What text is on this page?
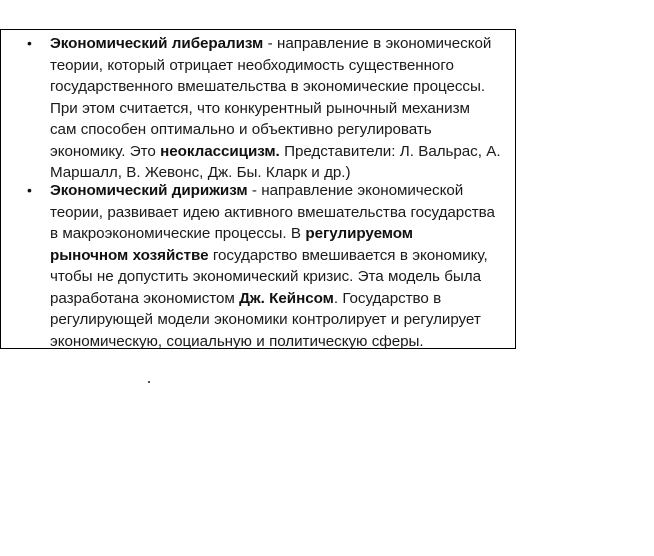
•	Экономический либерализм - направление в экономической
теории, который отрицает необходимость существенного
государственного вмешательства в экономические процессы.
При этом считается, что конкурентный рыночный механизм
сам способен оптимально и объективно регулировать
экономику. Это неоклассицизм. Представители: Л. Вальрас, А.
Маршалл, В. Жевонс, Дж. Бы. Кларк и др.)
•	Экономический дирижизм - направление экономической
теории, развивает идею активного вмешательства государства
в макроэкономические процессы. В регулируемом
рыночном хозяйстве государство вмешивается в экономику,
чтобы не допустить экономический кризис. Эта модель была
разработана экономистом Дж. Кейнсом. Государство в
регулирующей модели экономики контролирует и регулирует
экономическую, социальную и политическую сферы.
